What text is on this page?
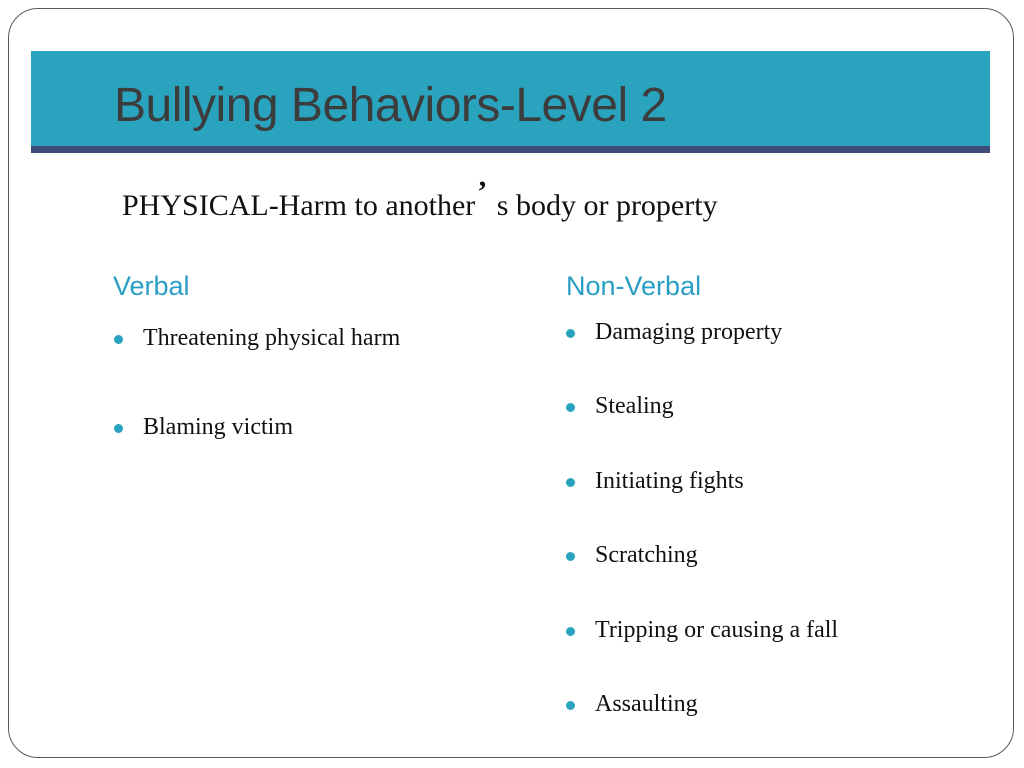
Bullying Behaviors-Level 2
PHYSICAL-Harm to another’ s body or property
Verbal	Non-Verbal
Threatening physical harm
Blaming victim
Damaging property
Stealing
Initiating fights
Scratching
Tripping or causing a fall
Assaulting
